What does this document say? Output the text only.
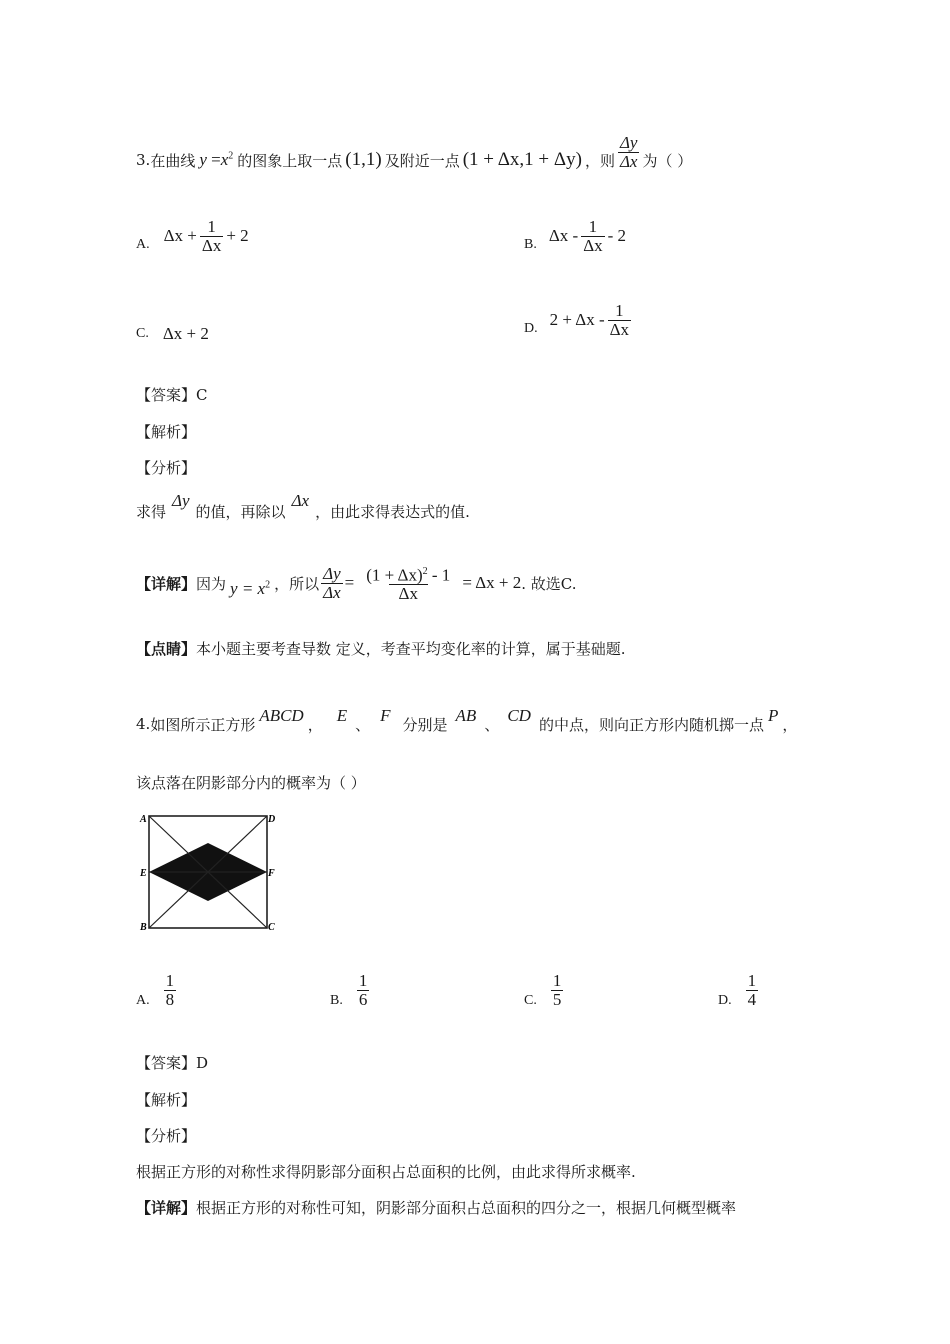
3. 在曲线 $y =x^2$ 的图象上取一点 (1,1) 及附近一点 (1 + Δx,1 + Δy) ，则 $\frac{\Delta y}{\Delta x}$ 为（ ）
A. $\Delta x + \frac{1}{\Delta x} + 2$	B. Δx - $\frac{1}{\Delta x} - 2$
C. Δx + 2	D. $2 + \Delta x - \frac{1}{\Delta x}$
【答案】C
【解析】
【分析】
求得
Δy
的值，再除以
Δx
，由此求得表达式的值.
【详解】 因为 $y = x^2$ ，所以 $\frac{\Delta y}{\Delta x} = \frac{(1 + \Delta x)^2 - 1}{\Delta x} = \Delta x + 2$ . 故选C.
【点睛】本小题主要考查导数 定义，考查平均变化率的计算，属于基础题.
4. 如图所示正方形 ABCD ， E 、 F 分别是 AB 、 CD 的中点，则向正方形内随机掷一点 P ，
该点落在阴影部分内的概率为（ ）
A	D
E	F
B	C
A. $\frac{1}{8}$	B. $\frac{1}{6}$	C. $\frac{1}{5}$	D. $\frac{1}{4}$
【答案】D
【解析】
【分析】
根据正方形的对称性求得阴影部分面积占总面积的比例，由此求得所求概率.
【详解】根据正方形的对称性可知，阴影部分面积占总面积的四分之一，根据几何概型概率
